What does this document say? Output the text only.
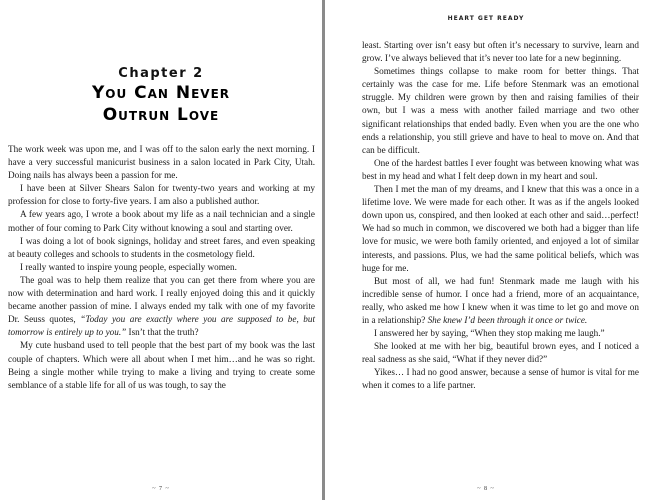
Chapter 2
You Can Never
Outrun Love

The work week was upon me, and I was off to the salon early the next morning. I have a very successful manicurist business in a salon located in Park City, Utah. Doing nails has always been a passion for me.

I have been at Silver Shears Salon for twenty-two years and working at my profession for close to forty-five years. I am also a published author.

A few years ago, I wrote a book about my life as a nail technician and a single mother of four coming to Park City without knowing a soul and starting over.

I was doing a lot of book signings, holiday and street fares, and even speaking at beauty colleges and schools to students in the cosmetology field.

I really wanted to inspire young people, especially women.

The goal was to help them realize that you can get there from where you are now with determination and hard work. I really enjoyed doing this and it quickly became another passion of mine. I always ended my talk with one of my favorite Dr. Seuss quotes, “Today you are exactly where you are supposed to be, but tomorrow is entirely up to you.” Isn’t that the truth?

My cute husband used to tell people that the best part of my book was the last couple of chapters. Which were all about when I met him…and he was so right. Being a single mother while trying to make a living and trying to create some semblance of a stable life for all of us was tough, to say the

~ 7 ~
HEART GET READY

least. Starting over isn’t easy but often it’s necessary to survive, learn and grow. I’ve always believed that it’s never too late for a new beginning.

Sometimes things collapse to make room for better things. That certainly was the case for me. Life before Stenmark was an emotional struggle. My children were grown by then and raising families of their own, but I was a mess with another failed marriage and two other significant relationships that ended badly. Even when you are the one who ends a relationship, you still grieve and have to heal to move on. And that can be difficult.

One of the hardest battles I ever fought was between knowing what was best in my head and what I felt deep down in my heart and soul.

Then I met the man of my dreams, and I knew that this was a once in a lifetime love. We were made for each other. It was as if the angels looked down upon us, conspired, and then looked at each other and said…perfect! We had so much in common, we discovered we both had a bigger than life love for music, we were both family oriented, and enjoyed a lot of similar interests, and passions. Plus, we had the same political beliefs, which was huge for me.

But most of all, we had fun! Stenmark made me laugh with his incredible sense of humor. I once had a friend, more of an acquaintance, really, who asked me how I knew when it was time to let go and move on in a relationship? She knew I’d been through it once or twice.

I answered her by saying, “When they stop making me laugh.”

She looked at me with her big, beautiful brown eyes, and I noticed a real sadness as she said, “What if they never did?”

Yikes… I had no good answer, because a sense of humor is vital for me when it comes to a life partner.

~ 8 ~
